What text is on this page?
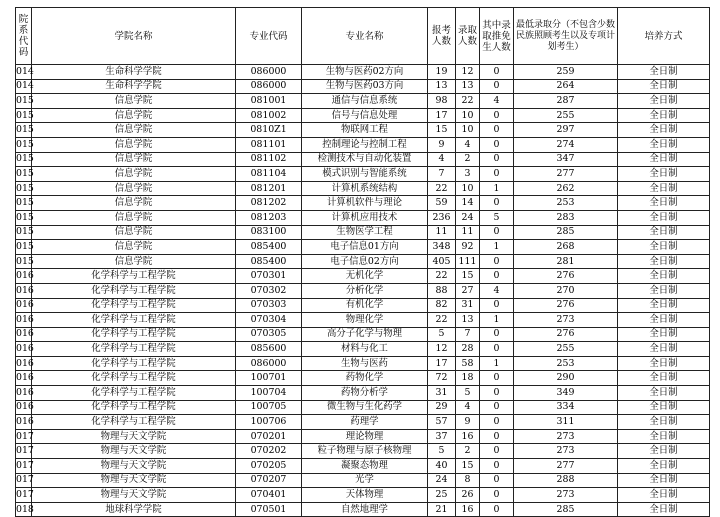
院系代码	学院名称	专业代码	专业名称	报考人数	录取人数	其中录取推免生人数	最低录取分（不包含少数民族照顾考生以及专项计划考生）	培养方式
014	生命科学学院	086000	生物与医药02方向	19	12	0	259	全日制
014	生命科学学院	086000	生物与医药03方向	13	13	0	264	全日制
015	信息学院	081001	通信与信息系统	98	22	4	287	全日制
015	信息学院	081002	信号与信息处理	17	10	0	255	全日制
015	信息学院	0810Z1	物联网工程	15	10	0	297	全日制
015	信息学院	081101	控制理论与控制工程	9	4	0	274	全日制
015	信息学院	081102	检测技术与自动化装置	4	2	0	347	全日制
015	信息学院	081104	模式识别与智能系统	7	3	0	277	全日制
015	信息学院	081201	计算机系统结构	22	10	1	262	全日制
015	信息学院	081202	计算机软件与理论	59	14	0	253	全日制
015	信息学院	081203	计算机应用技术	236	24	5	283	全日制
015	信息学院	083100	生物医学工程	11	11	0	285	全日制
015	信息学院	085400	电子信息01方向	348	92	1	268	全日制
015	信息学院	085400	电子信息02方向	405	111	0	281	全日制
016	化学科学与工程学院	070301	无机化学	22	15	0	276	全日制
016	化学科学与工程学院	070302	分析化学	88	27	4	270	全日制
016	化学科学与工程学院	070303	有机化学	82	31	0	276	全日制
016	化学科学与工程学院	070304	物理化学	22	13	1	273	全日制
016	化学科学与工程学院	070305	高分子化学与物理	5	7	0	276	全日制
016	化学科学与工程学院	085600	材料与化工	12	28	0	255	全日制
016	化学科学与工程学院	086000	生物与医药	17	58	1	253	全日制
016	化学科学与工程学院	100701	药物化学	72	18	0	290	全日制
016	化学科学与工程学院	100704	药物分析学	31	5	0	349	全日制
016	化学科学与工程学院	100705	微生物与生化药学	29	4	0	334	全日制
016	化学科学与工程学院	100706	药理学	57	9	0	311	全日制
017	物理与天文学院	070201	理论物理	37	16	0	273	全日制
017	物理与天文学院	070202	粒子物理与原子核物理	5	2	0	273	全日制
017	物理与天文学院	070205	凝聚态物理	40	15	0	277	全日制
017	物理与天文学院	070207	光学	24	8	0	288	全日制
017	物理与天文学院	070401	天体物理	25	26	0	273	全日制
018	地球科学学院	070501	自然地理学	21	16	0	285	全日制
